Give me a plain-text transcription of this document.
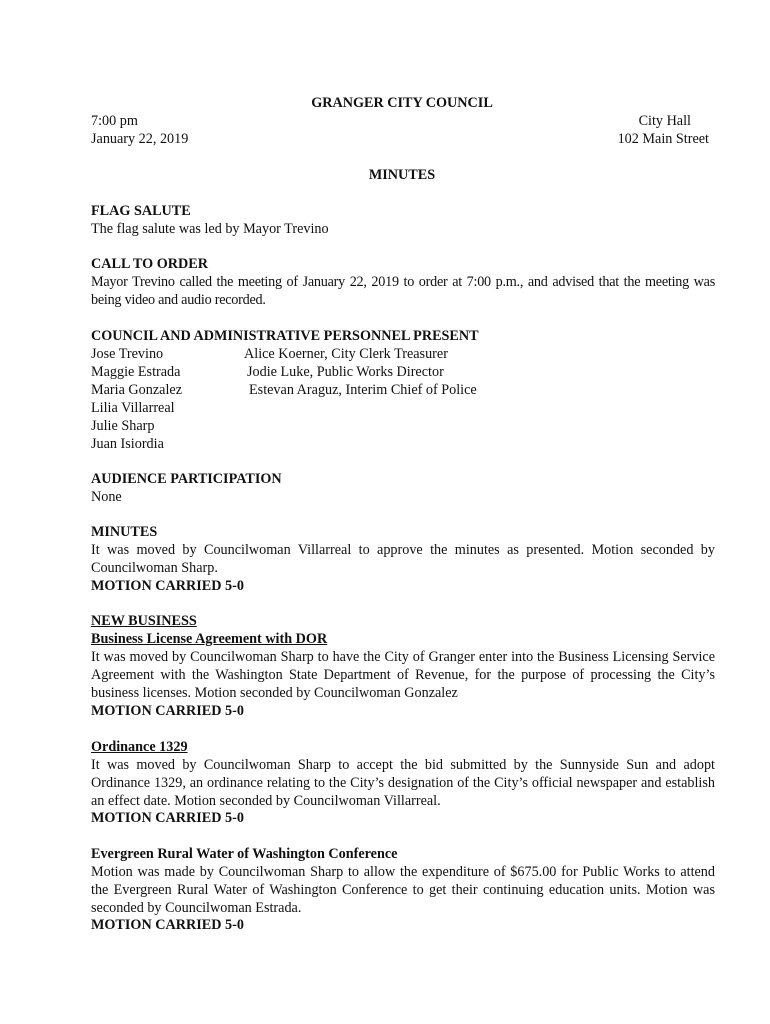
GRANGER CITY COUNCIL
7:00 pm
January 22, 2019
City Hall
102 Main Street
MINUTES
FLAG SALUTE
The flag salute was led by Mayor Trevino
CALL TO ORDER
Mayor Trevino called the meeting of January 22, 2019 to order at 7:00 p.m., and advised that the meeting was being video and audio recorded.
COUNCIL AND ADMINISTRATIVE PERSONNEL PRESENT
Jose Trevino
Maggie Estrada
Maria Gonzalez
Lilia Villarreal
Julie Sharp
Juan Isiordia
Alice Koerner, City Clerk Treasurer
Jodie Luke, Public Works Director
Estevan Araguz, Interim Chief of Police
AUDIENCE PARTICIPATION
None
MINUTES
It was moved by Councilwoman Villarreal to approve the minutes as presented. Motion seconded by Councilwoman Sharp.
MOTION CARRIED 5-0
NEW BUSINESS
Business License Agreement with DOR
It was moved by Councilwoman Sharp to have the City of Granger enter into the Business Licensing Service Agreement with the Washington State Department of Revenue, for the purpose of processing the City’s business licenses. Motion seconded by Councilwoman Gonzalez
MOTION CARRIED 5-0
Ordinance 1329
It was moved by Councilwoman Sharp to accept the bid submitted by the Sunnyside Sun and adopt Ordinance 1329, an ordinance relating to the City’s designation of the City’s official newspaper and establish an effect date. Motion seconded by Councilwoman Villarreal.
MOTION CARRIED 5-0
Evergreen Rural Water of Washington Conference
Motion was made by Councilwoman Sharp to allow the expenditure of $675.00 for Public Works to attend the Evergreen Rural Water of Washington Conference to get their continuing education units. Motion was seconded by Councilwoman Estrada.
MOTION CARRIED 5-0
